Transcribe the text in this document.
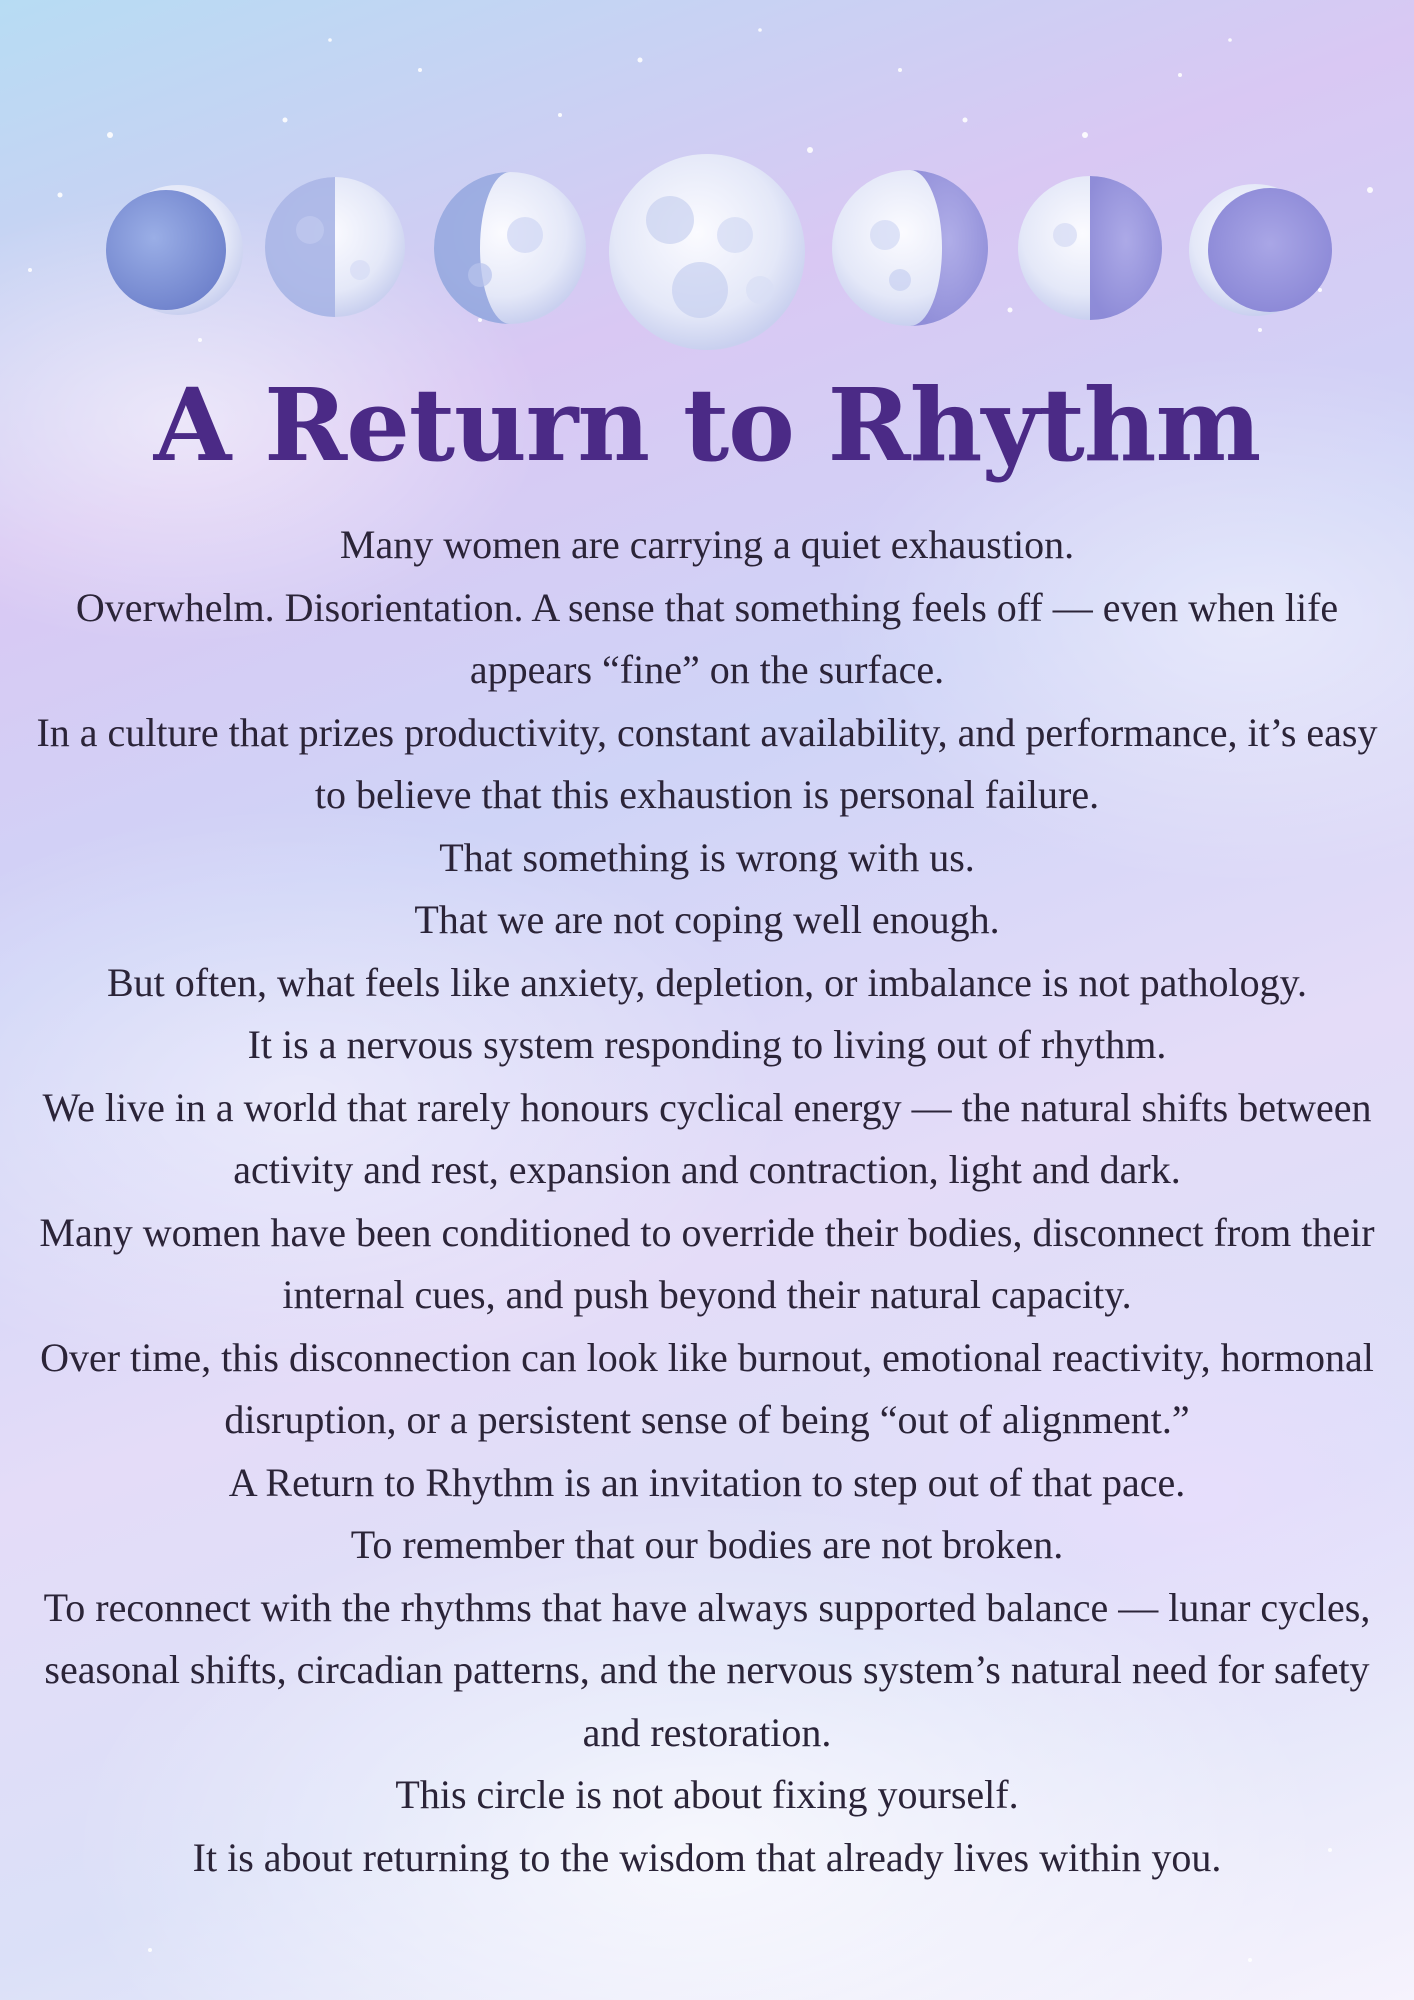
A Return to Rhythm

Many women are carrying a quiet exhaustion.

Overwhelm. Disorientation. A sense that something feels off — even when life appears “fine” on the surface.

In a culture that prizes productivity, constant availability, and performance, it’s easy to believe that this exhaustion is personal failure.

That something is wrong with us.

That we are not coping well enough.

But often, what feels like anxiety, depletion, or imbalance is not pathology.

It is a nervous system responding to living out of rhythm.

We live in a world that rarely honours cyclical energy — the natural shifts between activity and rest, expansion and contraction, light and dark.

Many women have been conditioned to override their bodies, disconnect from their internal cues, and push beyond their natural capacity.

Over time, this disconnection can look like burnout, emotional reactivity, hormonal disruption, or a persistent sense of being “out of alignment.”

A Return to Rhythm is an invitation to step out of that pace.

To remember that our bodies are not broken.

To reconnect with the rhythms that have always supported balance — lunar cycles, seasonal shifts, circadian patterns, and the nervous system’s natural need for safety and restoration.

This circle is not about fixing yourself.

It is about returning to the wisdom that already lives within you.
